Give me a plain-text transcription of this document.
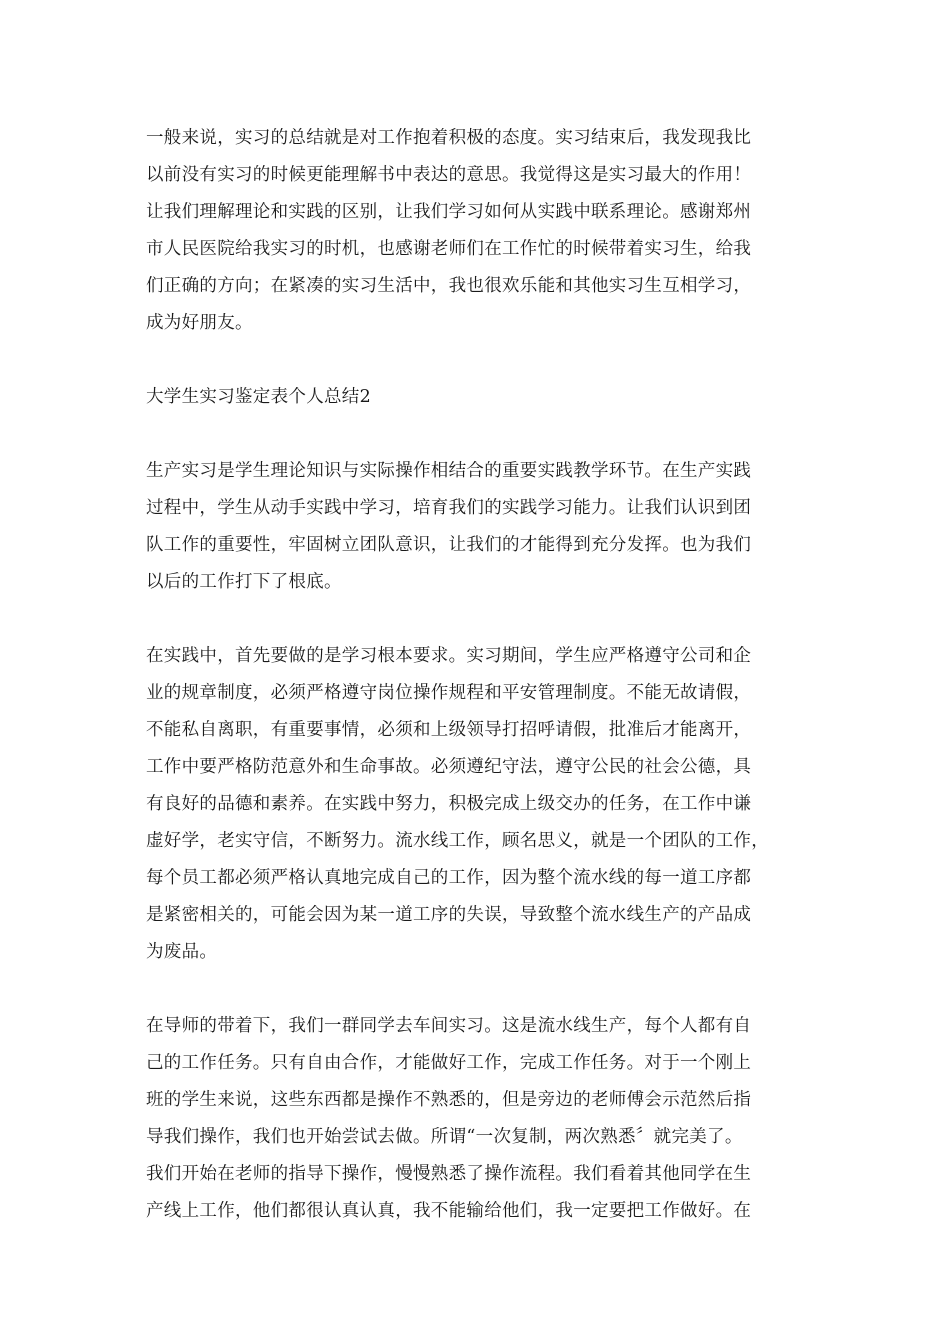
一般来说，实习的总结就是对工作抱着积极的态度。实习结束后，我发现我比
以前没有实习的时候更能理解书中表达的意思。我觉得这是实习最大的作用！
让我们理解理论和实践的区别，让我们学习如何从实践中联系理论。感谢郑州
市人民医院给我实习的时机，也感谢老师们在工作忙的时候带着实习生，给我
们正确的方向；在紧凑的实习生活中，我也很欢乐能和其他实习生互相学习，
成为好朋友。

大学生实习鉴定表个人总结2

生产实习是学生理论知识与实际操作相结合的重要实践教学环节。在生产实践
过程中，学生从动手实践中学习，培育我们的实践学习能力。让我们认识到团
队工作的重要性，牢固树立团队意识，让我们的才能得到充分发挥。也为我们
以后的工作打下了根底。

在实践中，首先要做的是学习根本要求。实习期间，学生应严格遵守公司和企
业的规章制度，必须严格遵守岗位操作规程和平安管理制度。不能无故请假，
不能私自离职，有重要事情，必须和上级领导打招呼请假，批准后才能离开，
工作中要严格防范意外和生命事故。必须遵纪守法，遵守公民的社会公德，具
有良好的品德和素养。在实践中努力，积极完成上级交办的任务，在工作中谦
虚好学，老实守信，不断努力。流水线工作，顾名思义，就是一个团队的工作，
每个员工都必须严格认真地完成自己的工作，因为整个流水线的每一道工序都
是紧密相关的，可能会因为某一道工序的失误，导致整个流水线生产的产品成
为废品。

在导师的带着下，我们一群同学去车间实习。这是流水线生产，每个人都有自
己的工作任务。只有自由合作，才能做好工作，完成工作任务。对于一个刚上
班的学生来说，这些东西都是操作不熟悉的，但是旁边的老师傅会示范然后指
导我们操作，我们也开始尝试去做。所谓“一次复制，两次熟悉〞就完美了。
我们开始在老师的指导下操作，慢慢熟悉了操作流程。我们看着其他同学在生
产线上工作，他们都很认真认真，我不能输给他们，我一定要把工作做好。在
